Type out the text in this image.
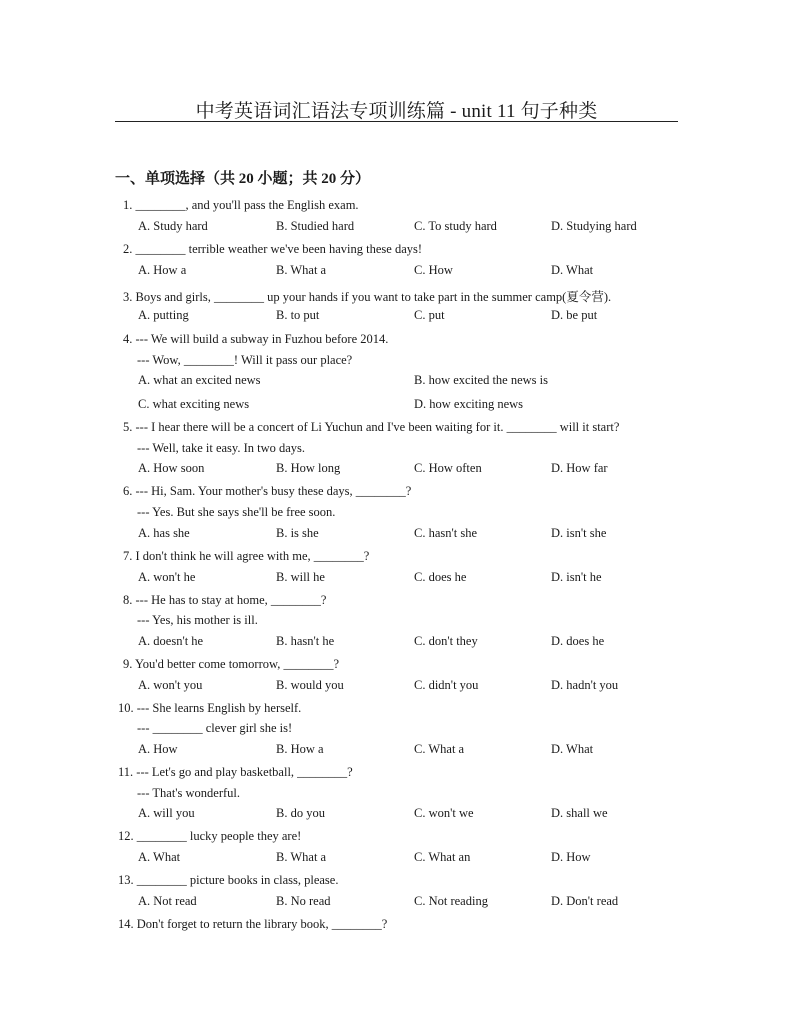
中考英语词汇语法专项训练篇 - unit 11 句子种类
一、单项选择（共 20 小题；共 20 分）
1. ________, and you'll pass the English exam.
A. Study hard	B. Studied hard	C. To study hard	D. Studying hard
2. ________ terrible weather we've been having these days!
A. How a	B. What a	C. How	D. What
3. Boys and girls, ________ up your hands if you want to take part in the summer camp(夏令营).
A. putting	B. to put	C. put	D. be put
4. --- We will build a subway in Fuzhou before 2014.
--- Wow, ________! Will it pass our place?
A. what an excited news	B. how excited the news is
C. what exciting news	D. how exciting news
5. --- I hear there will be a concert of Li Yuchun and I've been waiting for it. ________ will it start?
--- Well, take it easy. In two days.
A. How soon	B. How long	C. How often	D. How far
6. --- Hi, Sam. Your mother's busy these days, ________?
--- Yes. But she says she'll be free soon.
A. has she	B. is she	C. hasn't she	D. isn't she
7. I don't think he will agree with me, ________?
A. won't he	B. will he	C. does he	D. isn't he
8. --- He has to stay at home, ________?
--- Yes, his mother is ill.
A. doesn't he	B. hasn't he	C. don't they	D. does he
9. You'd better come tomorrow, ________?
A. won't you	B. would you	C. didn't you	D. hadn't you
10. --- She learns English by herself.
--- ________ clever girl she is!
A. How	B. How a	C. What a	D. What
11. --- Let's go and play basketball, ________?
--- That's wonderful.
A. will you	B. do you	C. won't we	D. shall we
12. ________ lucky people they are!
A. What	B. What a	C. What an	D. How
13. ________ picture books in class, please.
A. Not read	B. No read	C. Not reading	D. Don't read
14. Don't forget to return the library book, ________?
